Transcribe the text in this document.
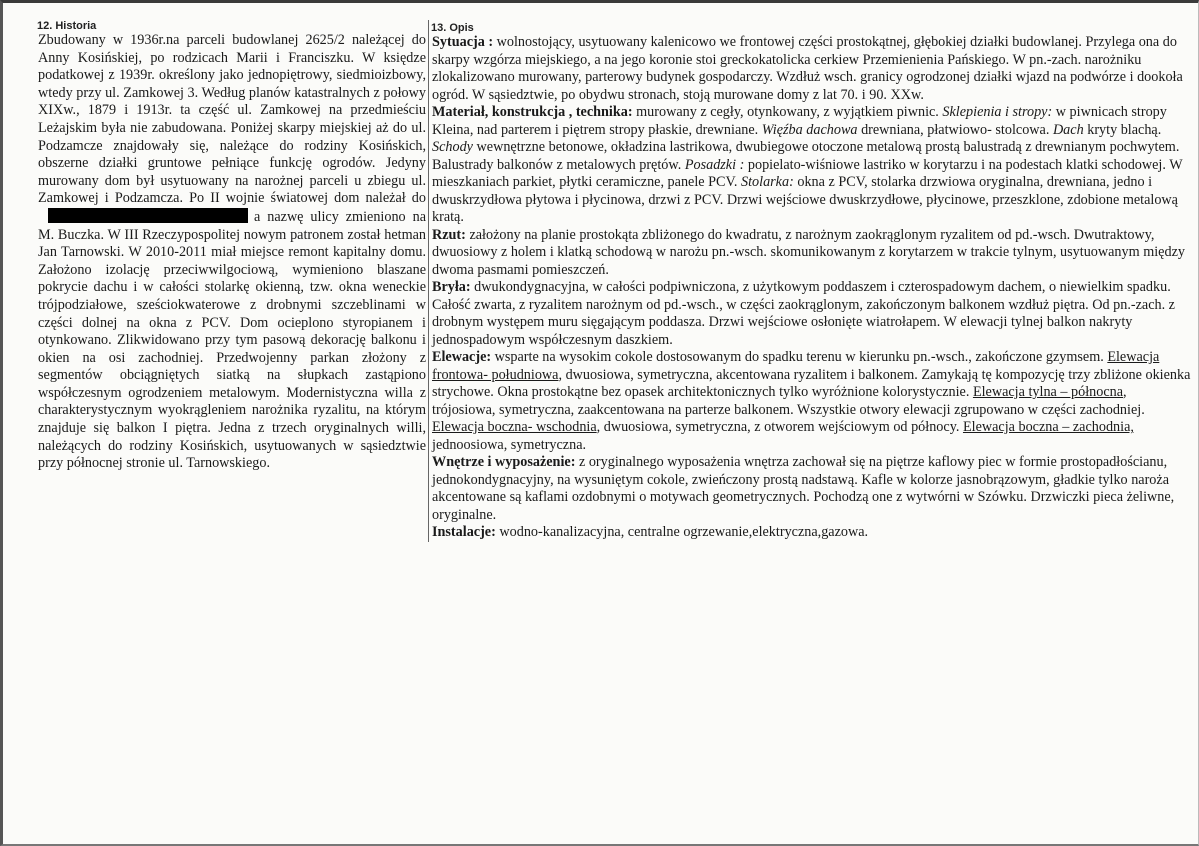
12. Historia

Zbudowany w 1936r.na parceli budowlanej 2625/2 należącej do Anny Kosińskiej, po rodzicach Marii i Franciszku. W księdze podatkowej z 1939r. określony jako jednopiętrowy, siedmioizbowy, wtedy przy ul. Zamkowej 3. Według planów katastralnych z połowy XIXw., 1879 i 1913r. ta część ul. Zamkowej na przedmieściu Leżajskim była nie zabudowana. Poniżej skarpy miejskiej aż do ul. Podzamcze znajdowały się, należące do rodziny Kosińskich, obszerne działki gruntowe pełniące funkcję ogrodów. Jedyny murowany dom był usytuowany na narożnej parceli u zbiegu ul. Zamkowej i Podzamcza. Po II wojnie światowej dom należał doa nazwę ulicy zmieniono na M. Buczka. W III Rzeczypospolitej nowym patronem został hetman Jan Tarnowski. W 2010-2011 miał miejsce remont kapitalny domu. Założono izolację przeciwwilgociową, wymieniono blaszane pokrycie dachu i w całości stolarkę okienną, tzw. okna weneckie trójpodziałowe, sześciokwaterowe z drobnymi szczeblinami w części dolnej na okna z PCV. Dom ocieplono styropianem i otynkowano. Zlikwidowano przy tym pasową dekorację balkonu i okien na osi zachodniej. Przedwojenny parkan złożony z segmentów obciągniętych siatką na słupkach zastąpiono współczesnym ogrodzeniem metalowym. Modernistyczna willa z charakterystycznym wyokrągleniem narożnika ryzalitu, na którym znajduje się balkon I piętra. Jedna z trzech oryginalnych willi, należących do rodziny Kosińskich, usytuowanych w sąsiedztwie przy północnej stronie ul. Tarnowskiego.

13. Opis

Sytuacja : wolnostojący, usytuowany kalenicowo we frontowej części prostokątnej, głębokiej działki budowlanej. Przylega ona do skarpy wzgórza miejskiego, a na jego koronie stoi greckokatolicka cerkiew Przemienienia Pańskiego. W pn.-zach. narożniku zlokalizowano murowany, parterowy budynek gospodarczy. Wzdłuż wsch. granicy ogrodzonej działki wjazd na podwórze i dookoła ogród. W sąsiedztwie, po obydwu stronach, stoją murowane domy z lat 70. i 90. XXw.

Materiał, konstrukcja , technika: murowany z cegły, otynkowany, z wyjątkiem piwnic. Sklepienia i stropy: w piwnicach stropy Kleina, nad parterem i piętrem stropy płaskie, drewniane. Więźba dachowa drewniana, płatwiowo- stolcowa. Dach kryty blachą. Schody wewnętrzne betonowe, okładzina lastrikowa, dwubiegowe otoczone metalową prostą balustradą z drewnianym pochwytem. Balustrady balkonów z metalowych prętów. Posadzki : popielato-wiśniowe lastriko w korytarzu i na podestach klatki schodowej. W mieszkaniach parkiet, płytki ceramiczne, panele PCV. Stolarka: okna z PCV, stolarka drzwiowa oryginalna, drewniana, jedno i dwuskrzydłowa płytowa i płycinowa, drzwi z PCV. Drzwi wejściowe dwuskrzydłowe, płycinowe, przeszklone, zdobione metalową kratą.

Rzut: założony na planie prostokąta zbliżonego do kwadratu, z narożnym zaokrąglonym ryzalitem od pd.-wsch. Dwutraktowy, dwuosiowy z holem i klatką schodową w narożu pn.-wsch. skomunikowanym z korytarzem w trakcie tylnym, usytuowanym między dwoma pasmami pomieszczeń.

Bryła: dwukondygnacyjna, w całości podpiwniczona, z użytkowym poddaszem i czterospadowym dachem, o niewielkim spadku. Całość zwarta, z ryzalitem narożnym od pd.-wsch., w części zaokrąglonym, zakończonym balkonem wzdłuż piętra. Od pn.-zach. z drobnym występem muru sięgającym poddasza. Drzwi wejściowe osłonięte wiatrołapem. W elewacji tylnej balkon nakryty jednospadowym współczesnym daszkiem.

Elewacje: wsparte na wysokim cokole dostosowanym do spadku terenu w kierunku pn.-wsch., zakończone gzymsem. Elewacja frontowa- południowa, dwuosiowa, symetryczna, akcentowana ryzalitem i balkonem. Zamykają tę kompozycję trzy zbliżone okienka strychowe. Okna prostokątne bez opasek architektonicznych tylko wyróżnione kolorystycznie. Elewacja tylna – północna, trójosiowa, symetryczna, zaakcentowana na parterze balkonem. Wszystkie otwory elewacji zgrupowano w części zachodniej. Elewacja boczna- wschodnia, dwuosiowa, symetryczna, z otworem wejściowym od północy. Elewacja boczna – zachodnia, jednoosiowa, symetryczna.

Wnętrze i wyposażenie: z oryginalnego wyposażenia wnętrza zachował się na piętrze kaflowy piec w formie prostopadłościanu, jednokondygnacyjny, na wysuniętym cokole, zwieńczony prostą nadstawą. Kafle w kolorze jasnobrązowym, gładkie tylko naroża akcentowane są kaflami ozdobnymi o motywach geometrycznych. Pochodzą one z wytwórni w Szówku. Drzwiczki pieca żeliwne, oryginalne.

Instalacje: wodno-kanalizacyjna, centralne ogrzewanie,elektryczna,gazowa.
